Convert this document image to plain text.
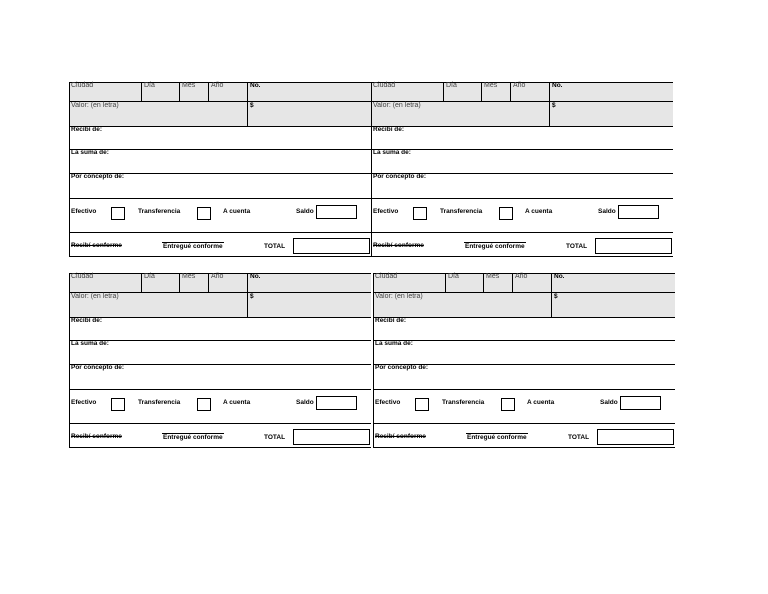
Ciudad	Día	Mes Año	No.
Valor: (en letra)	$
Recibí de:
La suma de:
Por concepto de:
Efectivo	Transferencia	A cuenta	Saldo
Recibí conforme	Entregué conforme	TOTAL
Ciudad	Día	Mes Año	No.
Valor: (en letra)	$
Recibí de:
La suma de:
Por concepto de:
Efectivo	Transferencia	A cuenta	Saldo
Recibí conforme	Entregué conforme	TOTAL
Ciudad	Día	Mes Año	No.
Valor: (en letra)	$
Recibí de:
La suma de:
Por concepto de:
Efectivo	Transferencia	A cuenta	Saldo
Recibí conforme	Entregué conforme	TOTAL
Ciudad	Día	Mes Año	No.
Valor: (en letra)	$
Recibí de:
La suma de:
Por concepto de:
Efectivo	Transferencia	A cuenta	Saldo
Recibí conforme	Entregué conforme	TOTAL
